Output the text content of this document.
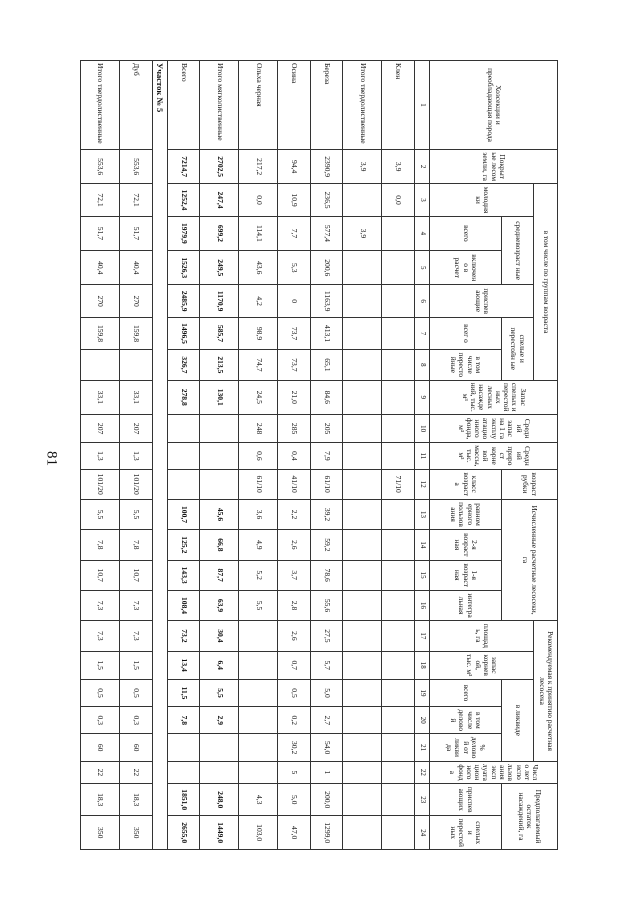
81
Хозсекции и преобладающая порода	Покрытые лесом земли, га	в том числе по группам возраста						Запас спелых и перестойных лесных насаждений, тыс. м³	Средний запас на 1 га эксплуатационного фонда, м³	Средний прирост корневой массы, тыс. м³	возраст рубки	Исчисленные расчетные лесосеки, га				Рекомендуемая к принятию расчетная лесосека					Число лет использования эксплуатационного фонда	Предполагаемый остаток насаждений, га	
		молодняки	средневозраст ные		приспевающие	спелые и перестойн ые										площадь, га	запас корневой, тыс. м³	в ликвиде					
			всего	включено в расчет		всег о	в том числе перестойные				класс возраста	равномерного пользования	2-я возрастная	1-я возрастная	интегральная			всего	в том числе деловой	% деловой от ликвида		приспевающих	спелых и перестойных

1	2	3	4	5	6	7	8	9	10	11	12	13	14	15	16	17	18	19	20	21	22	23	24
Клен	3,9	0,0									71/10												
Итого твердолиственные	3,9		3,9																				
Береза	2390,9	236,5	577,4	200,6	1163,9	413,1	65,1	84,6	205	7,9	61/10	39,2	59,2	78,6	55,6	27,5	5,7	5,0	2,7	54,0	1	200,0	1299,0
Осина	94,4	10,9	7,7	5,3	0	73,7	73,7	21,0	285	0,4	41/10	2,2	2,6	3,7	2,8	2,6	0,7	0,5	0,2	30,2	5	5,0	47,0
Ольха черная	217,2	0,0	114,1	43,6	4,2	98,9	74,7	24,5	248	0,6	61/10	3,6	4,9	5,2	5,5							4,3	103,0
Итого мягколиственные	2702,5	247,4	699,2	249,5	1170,9	585,7	213,5	130,1				45,6	66,8	87,7	63,9	30,4	6,4	5,5	2,9			248,0	1449,0
Всего	7214,7	1252,4	1979,9	1526,3	2485,9	1496,5	326,7	278,8				100,7	125,2	143,3	108,4	73,2	13,4	11,5	7,8			1851,0	2655,0
Участок № 5																							
Дуб	553,6	72,1	51,7	40,4	270	159,8		33,1	207	1,3	101/20	5,5	7,8	10,7	7,3	7,3	1,5	0,5	0,3	60	22	18,3	350
Итого твердолиственные	553,6	72,1	51,7	40,4	270	159,8		33,1	207	1,3	101/20	5,5	7,8	10,7	7,3	7,3	1,5	0,5	0,3	60	22	18,3	350
